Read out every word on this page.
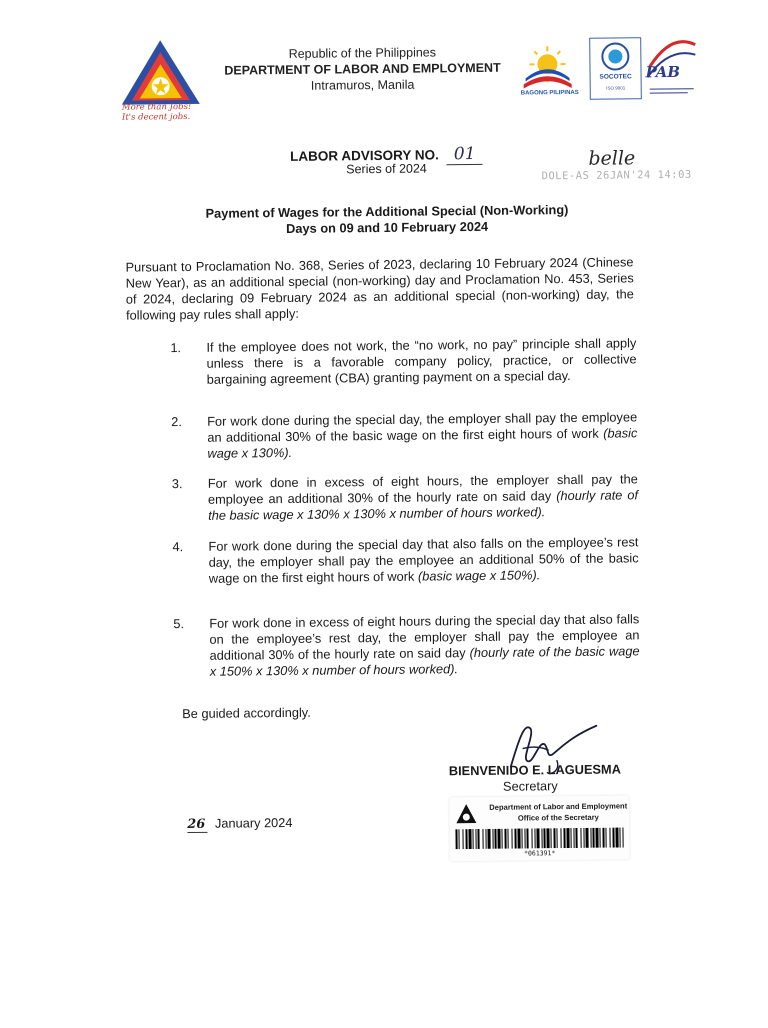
More than Jobs!
It's decent jobs.
Republic of the Philippines
DEPARTMENT OF LABOR AND EMPLOYMENT
Intramuros, Manila
BAGONG PILIPINAS
SOCOTEC
ISO 9001
PAB
LABOR ADVISORY NO. 01
Series of 2024	belle
DOLE-AS 26JAN'24 14:03
Payment of Wages for the Additional Special (Non-Working)
Days on 09 and 10 February 2024
Pursuant to Proclamation No. 368, Series of 2023, declaring 10 February 2024 (Chinese New Year), as an additional special (non-working) day and Proclamation No. 453, Series of 2024, declaring 09 February 2024 as an additional special (non-working) day, the following pay rules shall apply:
1.	If the employee does not work, the “no work, no pay” principle shall apply unless there is a favorable company policy, practice, or collective bargaining agreement (CBA) granting payment on a special day.
2.	For work done during the special day, the employer shall pay the employee an additional 30% of the basic wage on the first eight hours of work (basic wage x 130%).
3.	For work done in excess of eight hours, the employer shall pay the employee an additional 30% of the hourly rate on said day (hourly rate of the basic wage x 130% x 130% x number of hours worked).
4.	For work done during the special day that also falls on the employee’s rest day, the employer shall pay the employee an additional 50% of the basic wage on the first eight hours of work (basic wage x 150%).
5.	For work done in excess of eight hours during the special day that also falls on the employee’s rest day, the employer shall pay the employee an additional 30% of the hourly rate on said day (hourly rate of the basic wage x 150% x 130% x number of hours worked).
Be guided accordingly.
BIENVENIDO E. LAGUESMA
Secretary
26 January 2024
Department of Labor and Employment
Office of the Secretary
*061391*
